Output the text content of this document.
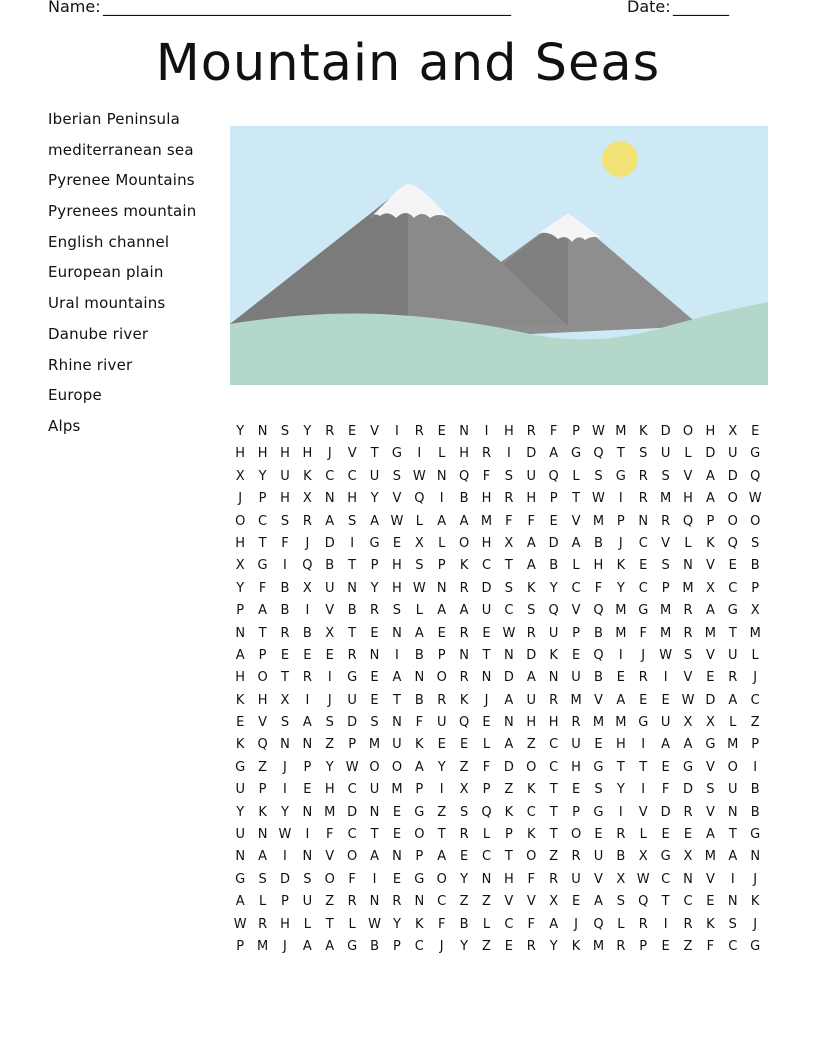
Name: ___________________________________________________	Date: _______
Mountain and Seas
Iberian Peninsula
mediterranean sea
Pyrenee Mountains
Pyrenees mountain
English channel
European plain
Ural mountains
Danube river
Rhine river
Europe
Alps	Y N S Y R E V I R E N I H R F P W M K D O H X E
H H H H J V T G I L H R I D A G Q T S U L D U G
X Y U K C C U S W N Q F S U Q L S G R S V A D Q
J P H X N H Y V Q I B H R H P T W I R M H A O W
O C S R A S A W L A A M F F E V M P N R Q P O O
H T F J D I G E X L O H X A D A B J C V L K Q S
X G I Q B T P H S P K C T A B L H K E S N V E B
Y F B X U N Y H W N R D S K Y C F Y C P M X C P
P A B I V B R S L A A U C S Q V Q M G M R A G X
N T R B X T E N A E R E W R U P B M F M R M T M
A P E E E R N I B P N T N D K E Q I J W S V U L
H O T R I G E A N O R N D A N U B E R I V E R J
K H X I J U E T B R K J A U R M V A E E W D A C
E V S A S D S N F U Q E N H H R M M G U X X L Z
K Q N N Z P M U K E E L A Z C U E H I A A G M P
G Z J P Y W O O A Y Z F D O C H G T T E G V O I
U P I E H C U M P I X P Z K T E S Y I F D S U B
Y K Y N M D N E G Z S Q K C T P G I V D R V N B
U N W I F C T E O T R L P K T O E R L E E A T G
N A I N V O A N P A E C T O Z R U B X G X M A N
G S D S O F I E G O Y N H F R U V X W C N V I J
A L P U Z R N R N C Z Z V V X E A S Q T C E N K
W R H L T L W Y K F B L C F A J Q L R I R K S J
P M J A A G B P C J Y Z E R Y K M R P E Z F C G
